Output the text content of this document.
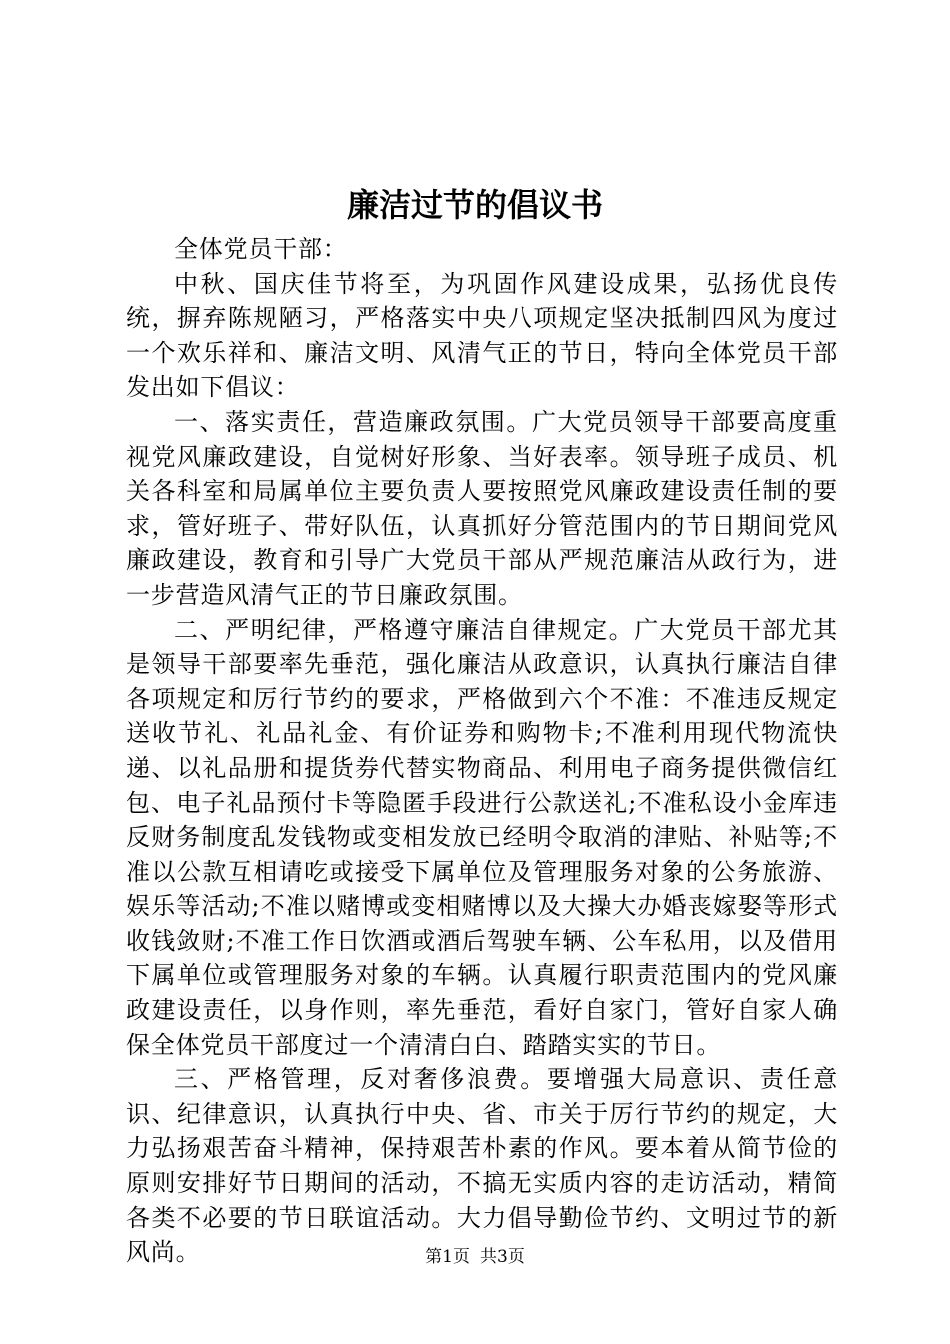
廉洁过节的倡议书

全体党员干部：

中秋、国庆佳节将至，为巩固作风建设成果，弘扬优良传统，摒弃陈规陋习，严格落实中央八项规定坚决抵制四风为度过一个欢乐祥和、廉洁文明、风清气正的节日，特向全体党员干部发出如下倡议：

一、落实责任，营造廉政氛围。广大党员领导干部要高度重视党风廉政建设，自觉树好形象、当好表率。领导班子成员、机关各科室和局属单位主要负责人要按照党风廉政建设责任制的要求，管好班子、带好队伍，认真抓好分管范围内的节日期间党风廉政建设，教育和引导广大党员干部从严规范廉洁从政行为，进一步营造风清气正的节日廉政氛围。

二、严明纪律，严格遵守廉洁自律规定。广大党员干部尤其是领导干部要率先垂范，强化廉洁从政意识，认真执行廉洁自律各项规定和厉行节约的要求，严格做到六个不准：不准违反规定送收节礼、礼品礼金、有价证券和购物卡;不准利用现代物流快递、以礼品册和提货券代替实物商品、利用电子商务提供微信红包、电子礼品预付卡等隐匿手段进行公款送礼;不准私设小金库违反财务制度乱发钱物或变相发放已经明令取消的津贴、补贴等;不准以公款互相请吃或接受下属单位及管理服务对象的公务旅游、娱乐等活动;不准以赌博或变相赌博以及大操大办婚丧嫁娶等形式收钱敛财;不准工作日饮酒或酒后驾驶车辆、公车私用，以及借用下属单位或管理服务对象的车辆。认真履行职责范围内的党风廉政建设责任，以身作则，率先垂范，看好自家门，管好自家人确保全体党员干部度过一个清清白白、踏踏实实的节日。

三、严格管理，反对奢侈浪费。要增强大局意识、责任意识、纪律意识，认真执行中央、省、市关于厉行节约的规定，大力弘扬艰苦奋斗精神，保持艰苦朴素的作风。要本着从简节俭的原则安排好节日期间的活动，不搞无实质内容的走访活动，精简各类不必要的节日联谊活动。大力倡导勤俭节约、文明过节的新风尚。	第1页 共3页
